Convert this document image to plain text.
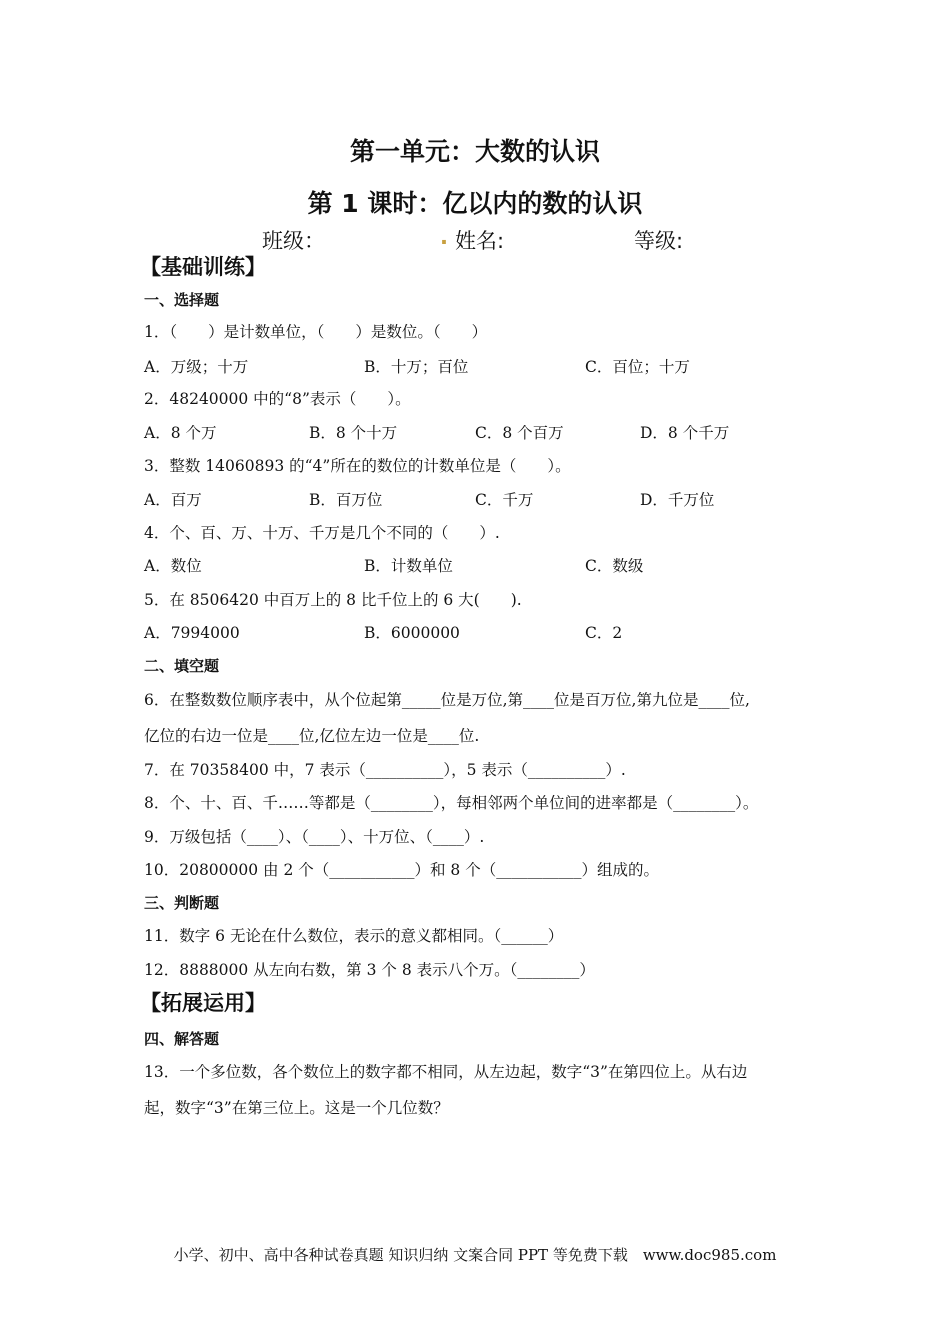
第一单元：大数的认识
第 1 课时：亿以内的数的认识
班级：	. 姓名:	等级:
【基础训练】
一、选择题
1．（　　）是计数单位，（　　）是数位。（　　）
A．万级；十万	B．十万；百位	C．百位；十万
2．48240000 中的“8”表示（　　）。
A．8 个万	B．8 个十万	C．8 个百万	D．8 个千万
3．整数 14060893 的“4”所在的数位的计数单位是（　　）。
A．百万	B．百万位	C．千万	D．千万位
4．个、百、万、十万、千万是几个不同的（　　）.
A．数位	B．计数单位	C．数级
5．在 8506420 中百万上的 8 比千位上的 6 大(　　).
A．7994000	B．6000000	C．2
二、填空题
6．在整数数位顺序表中，从个位起第_____位是万位,第____位是百万位,第九位是____位,
亿位的右边一位是____位,亿位左边一位是____位.
7．在 70358400 中，7 表示（__________），5 表示（__________）.
8．个、十、百、千……等都是（________），每相邻两个单位间的进率都是（________）。
9．万级包括（____）、（____）、十万位、（____）.
10．20800000 由 2 个（___________）和 8 个（___________）组成的。
三、判断题
11．数字 6 无论在什么数位，表示的意义都相同。（______）
12．8888000 从左向右数，第 3 个 8 表示八个万。（________）
【拓展运用】
四、解答题
13．一个多位数，各个数位上的数字都不相同，从左边起，数字“3”在第四位上。从右边
起，数字“3”在第三位上。这是一个几位数？
小学、初中、高中各种试卷真题 知识归纳 文案合同 PPT 等免费下载　www.doc985.com
